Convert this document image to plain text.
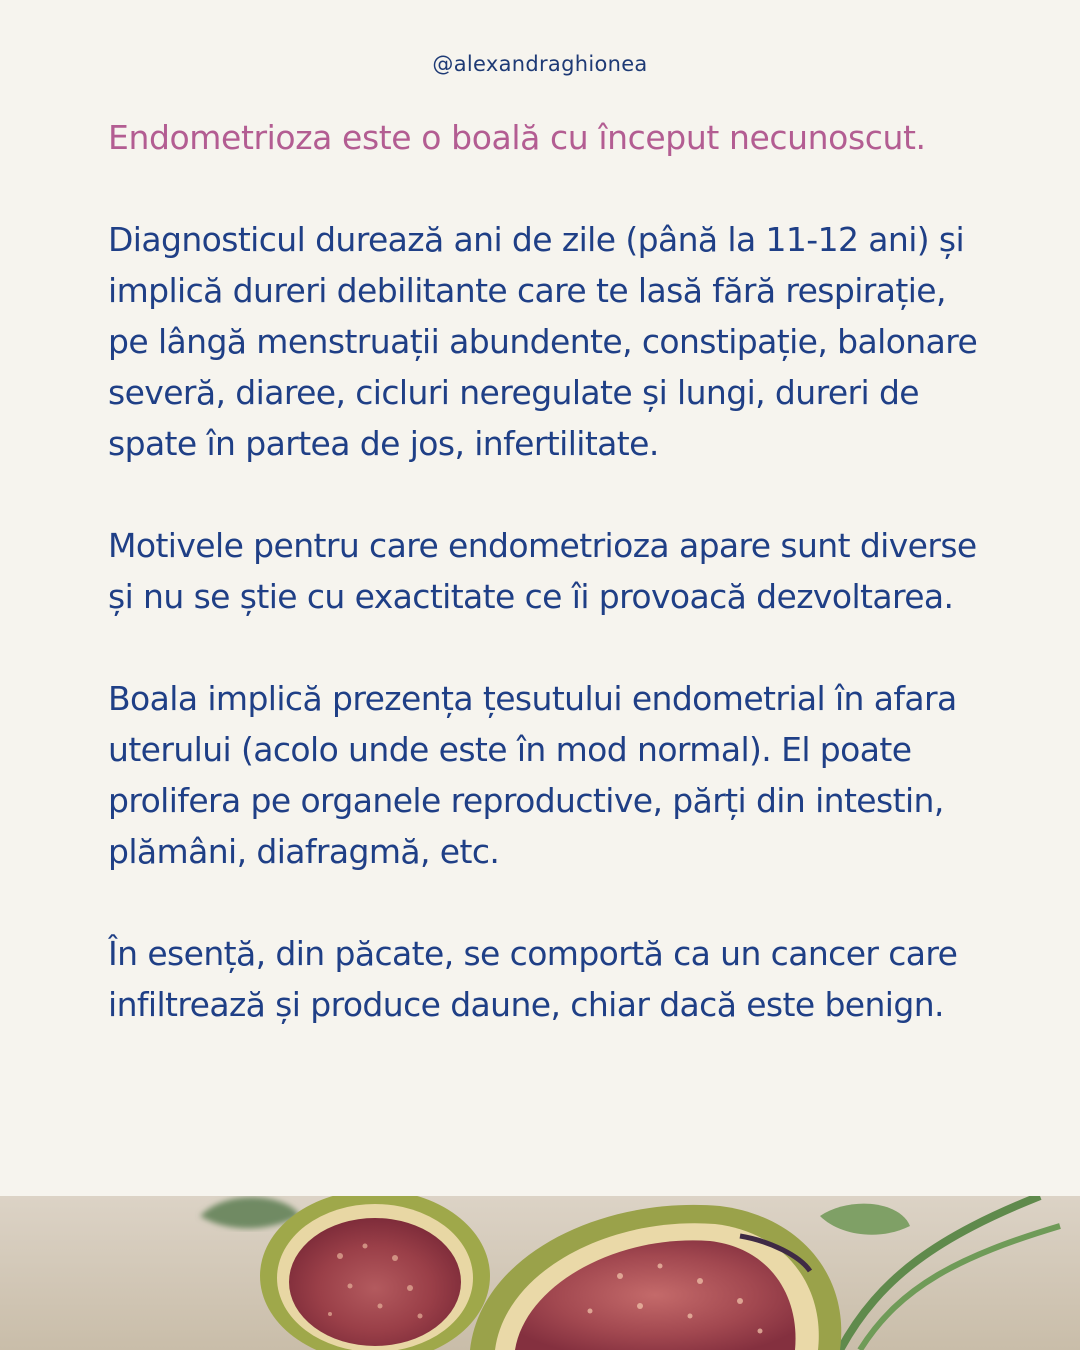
@alexandraghionea

Endometrioza este o boală cu început necunoscut.

Diagnosticul durează ani de zile (până la 11-12 ani) și implică dureri debilitante care te lasă fără respirație, pe lângă menstruații abundente, constipație, balonare severă, diaree, cicluri neregulate și lungi, dureri de spate în partea de jos, infertilitate.

Motivele pentru care endometrioza apare sunt diverse și nu se știe cu exactitate ce îi provoacă dezvoltarea.

Boala implică prezența țesutului endometrial în afara uterului (acolo unde este în mod normal). El poate prolifera pe organele reproductive, părți din intestin, plămâni, diafragmă, etc.

În esență, din păcate, se comportă ca un cancer care infiltrează și produce daune, chiar dacă este benign.
